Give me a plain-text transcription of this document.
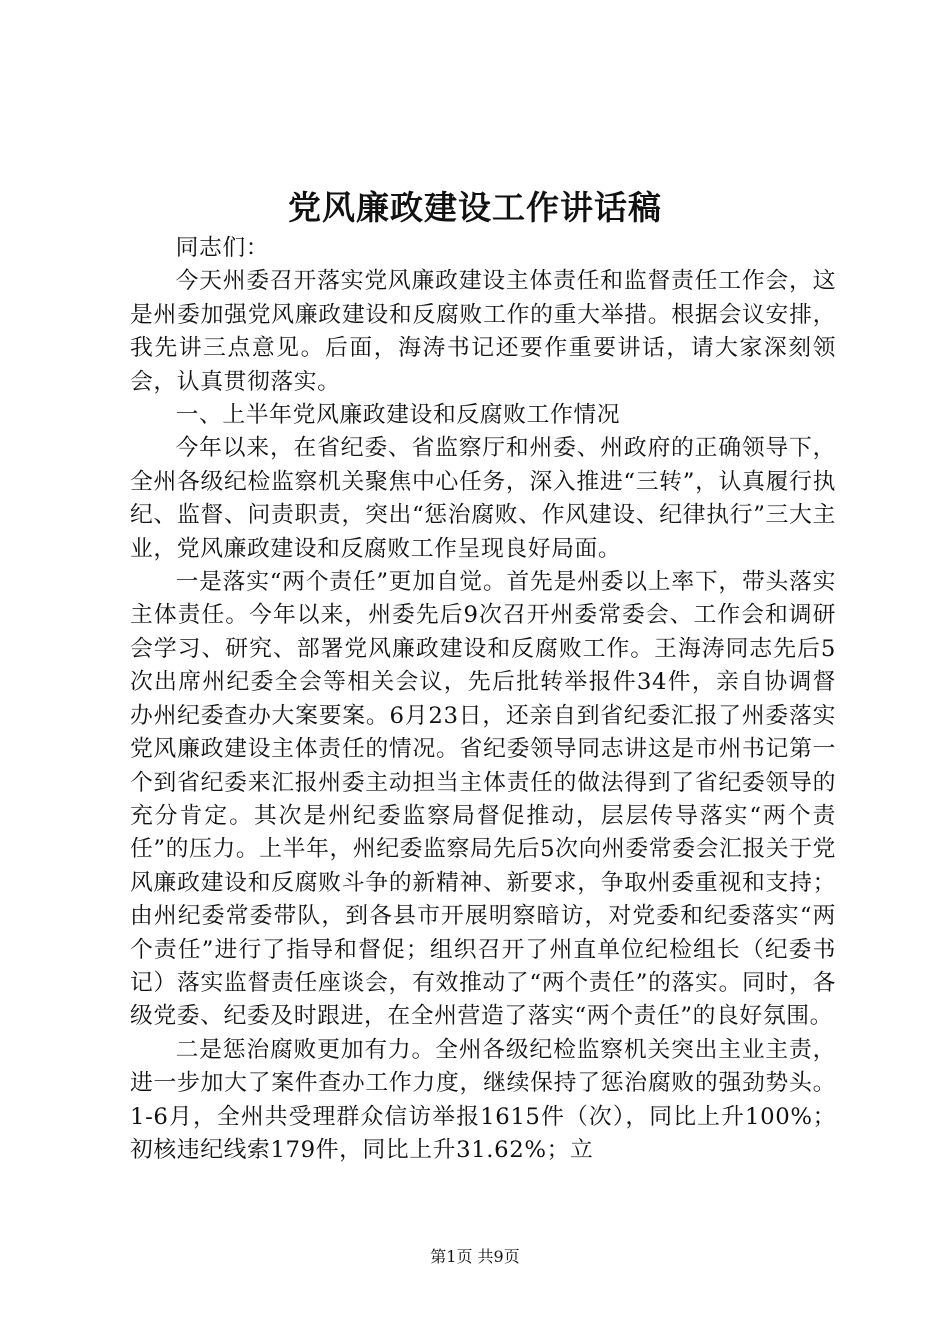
党风廉政建设工作讲话稿

同志们：

今天州委召开落实党风廉政建设主体责任和监督责任工作会，这是州委加强党风廉政建设和反腐败工作的重大举措。根据会议安排，我先讲三点意见。后面，海涛书记还要作重要讲话，请大家深刻领会，认真贯彻落实。

一、上半年党风廉政建设和反腐败工作情况

今年以来，在省纪委、省监察厅和州委、州政府的正确领导下，全州各级纪检监察机关聚焦中心任务，深入推进“三转”，认真履行执纪、监督、问责职责，突出“惩治腐败、作风建设、纪律执行”三大主业，党风廉政建设和反腐败工作呈现良好局面。

一是落实“两个责任”更加自觉。首先是州委以上率下，带头落实主体责任。今年以来，州委先后9次召开州委常委会、工作会和调研会学习、研究、部署党风廉政建设和反腐败工作。王海涛同志先后5次出席州纪委全会等相关会议，先后批转举报件34件，亲自协调督办州纪委查办大案要案。6月23日，还亲自到省纪委汇报了州委落实党风廉政建设主体责任的情况。省纪委领导同志讲这是市州书记第一个到省纪委来汇报州委主动担当主体责任的做法得到了省纪委领导的充分肯定。其次是州纪委监察局督促推动，层层传导落实“两个责任”的压力。上半年，州纪委监察局先后5次向州委常委会汇报关于党风廉政建设和反腐败斗争的新精神、新要求，争取州委重视和支持；由州纪委常委带队，到各县市开展明察暗访，对党委和纪委落实“两个责任”进行了指导和督促；组织召开了州直单位纪检组长（纪委书记）落实监督责任座谈会，有效推动了“两个责任”的落实。同时，各级党委、纪委及时跟进，在全州营造了落实“两个责任”的良好氛围。

二是惩治腐败更加有力。全州各级纪检监察机关突出主业主责，进一步加大了案件查办工作力度，继续保持了惩治腐败的强劲势头。1-6月，全州共受理群众信访举报1615件（次），同比上升100%；初核违纪线索179件，同比上升31.62%；立

第1页 共9页
